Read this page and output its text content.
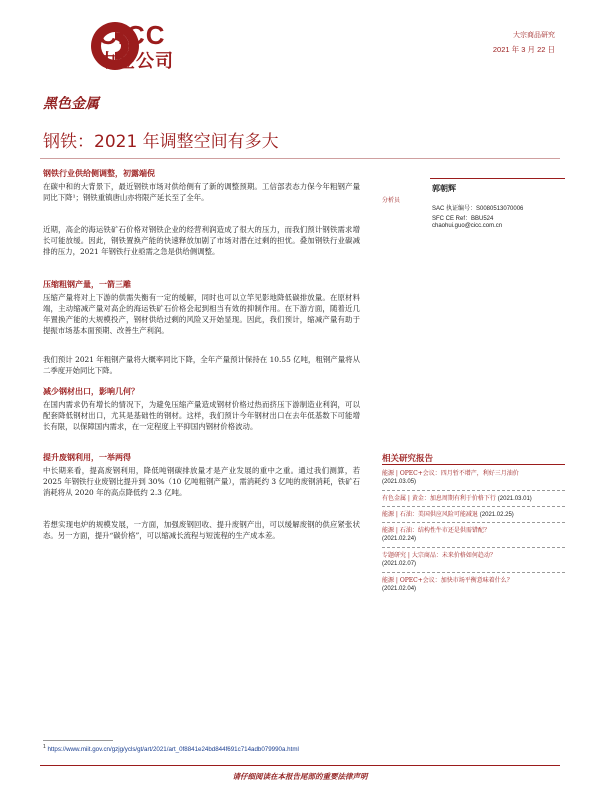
CICC
中金公司
大宗商品研究
2021 年 3 月 22 日
黑色金属
钢铁：2021 年调整空间有多大
钢铁行业供给侧调整，初露端倪
在碳中和的大背景下，最近钢铁市场对供给侧有了新的调整预期。工信部表态力保今年粗钢产量同比下降¹；钢铁重镇唐山亦将限产延长至了全年。
近期，高企的海运铁矿石价格对钢铁企业的经营利润造成了很大的压力，而我们预计钢铁需求增长可能放缓。因此，钢铁置换产能的快速释放加剧了市场对潜在过剩的担忧。叠加钢铁行业碳减排的压力，2021 年钢铁行业亟需之急是供给侧调整。
压缩粗钢产量，一箭三雕
压缩产量将对上下游的供需失衡有一定的缓解，同时也可以立竿见影地降低碳排放量。在原材料端，主动缩减产量对高企的海运铁矿石价格会起到相当有效的抑制作用。在下游方面，随着近几年置换产能的大规模投产，钢材供给过剩的风险又开始显现。因此，我们预计，缩减产量有助于提振市场基本面预期、改善生产利润。
我们预计 2021 年粗钢产量将大概率同比下降，全年产量预计保持在 10.55 亿吨，粗钢产量将从二季度开始同比下降。
减少钢材出口，影响几何？
在国内需求仍有增长的情况下，为避免压缩产量造成钢材价格过热而挤压下游制造业利润，可以配套降低钢材出口，尤其是基础性的钢材。这样，我们预计今年钢材出口在去年低基数下可能增长有限，以保障国内需求，在一定程度上平抑国内钢材价格波动。
提升废钢利用，一举两得
中长期来看，提高废钢利用，降低吨钢碳排放量才是产业发展的重中之重。通过我们测算，若 2025 年钢铁行业废钢比提升到 30%（10 亿吨粗钢产量），需消耗约 3 亿吨的废钢消耗，铁矿石消耗将从 2020 年的高点降低约 2.3 亿吨。
若想实现电炉的规模发展，一方面，加强废钢回收、提升废钢产出，可以缓解废钢的供应紧张状态。另一方面，提升“碳价格”，可以缩减长流程与短流程的生产成本差。
分析员
郭朝辉
SAC 执证编号：S0080513070006
SFC CE Ref：BBU524
chaohui.guo@cicc.com.cn
相关研究报告
能源 | OPEC+会议：四月暂不增产，利好三月油价
(2021.03.05)
有色金属 | 黄金：加息周期有利于价格下行 (2021.03.01)
能源 | 石油：美国供应风险可能减退 (2021.02.25)
能源 | 石油：结构性牛市还是供需错配？
(2021.02.24)
专题研究 | 大宗商品：未来价格如何趋动？
(2021.02.07)
能源 | OPEC+会议：加快市场平衡意味着什么？
(2021.02.04)
$^1$ https://www.miit.gov.cn/gzjg/ycls/gt/art/2021/art_0f8841e24bd844f691c714adb079990a.html
请仔细阅读在本报告尾部的重要法律声明
